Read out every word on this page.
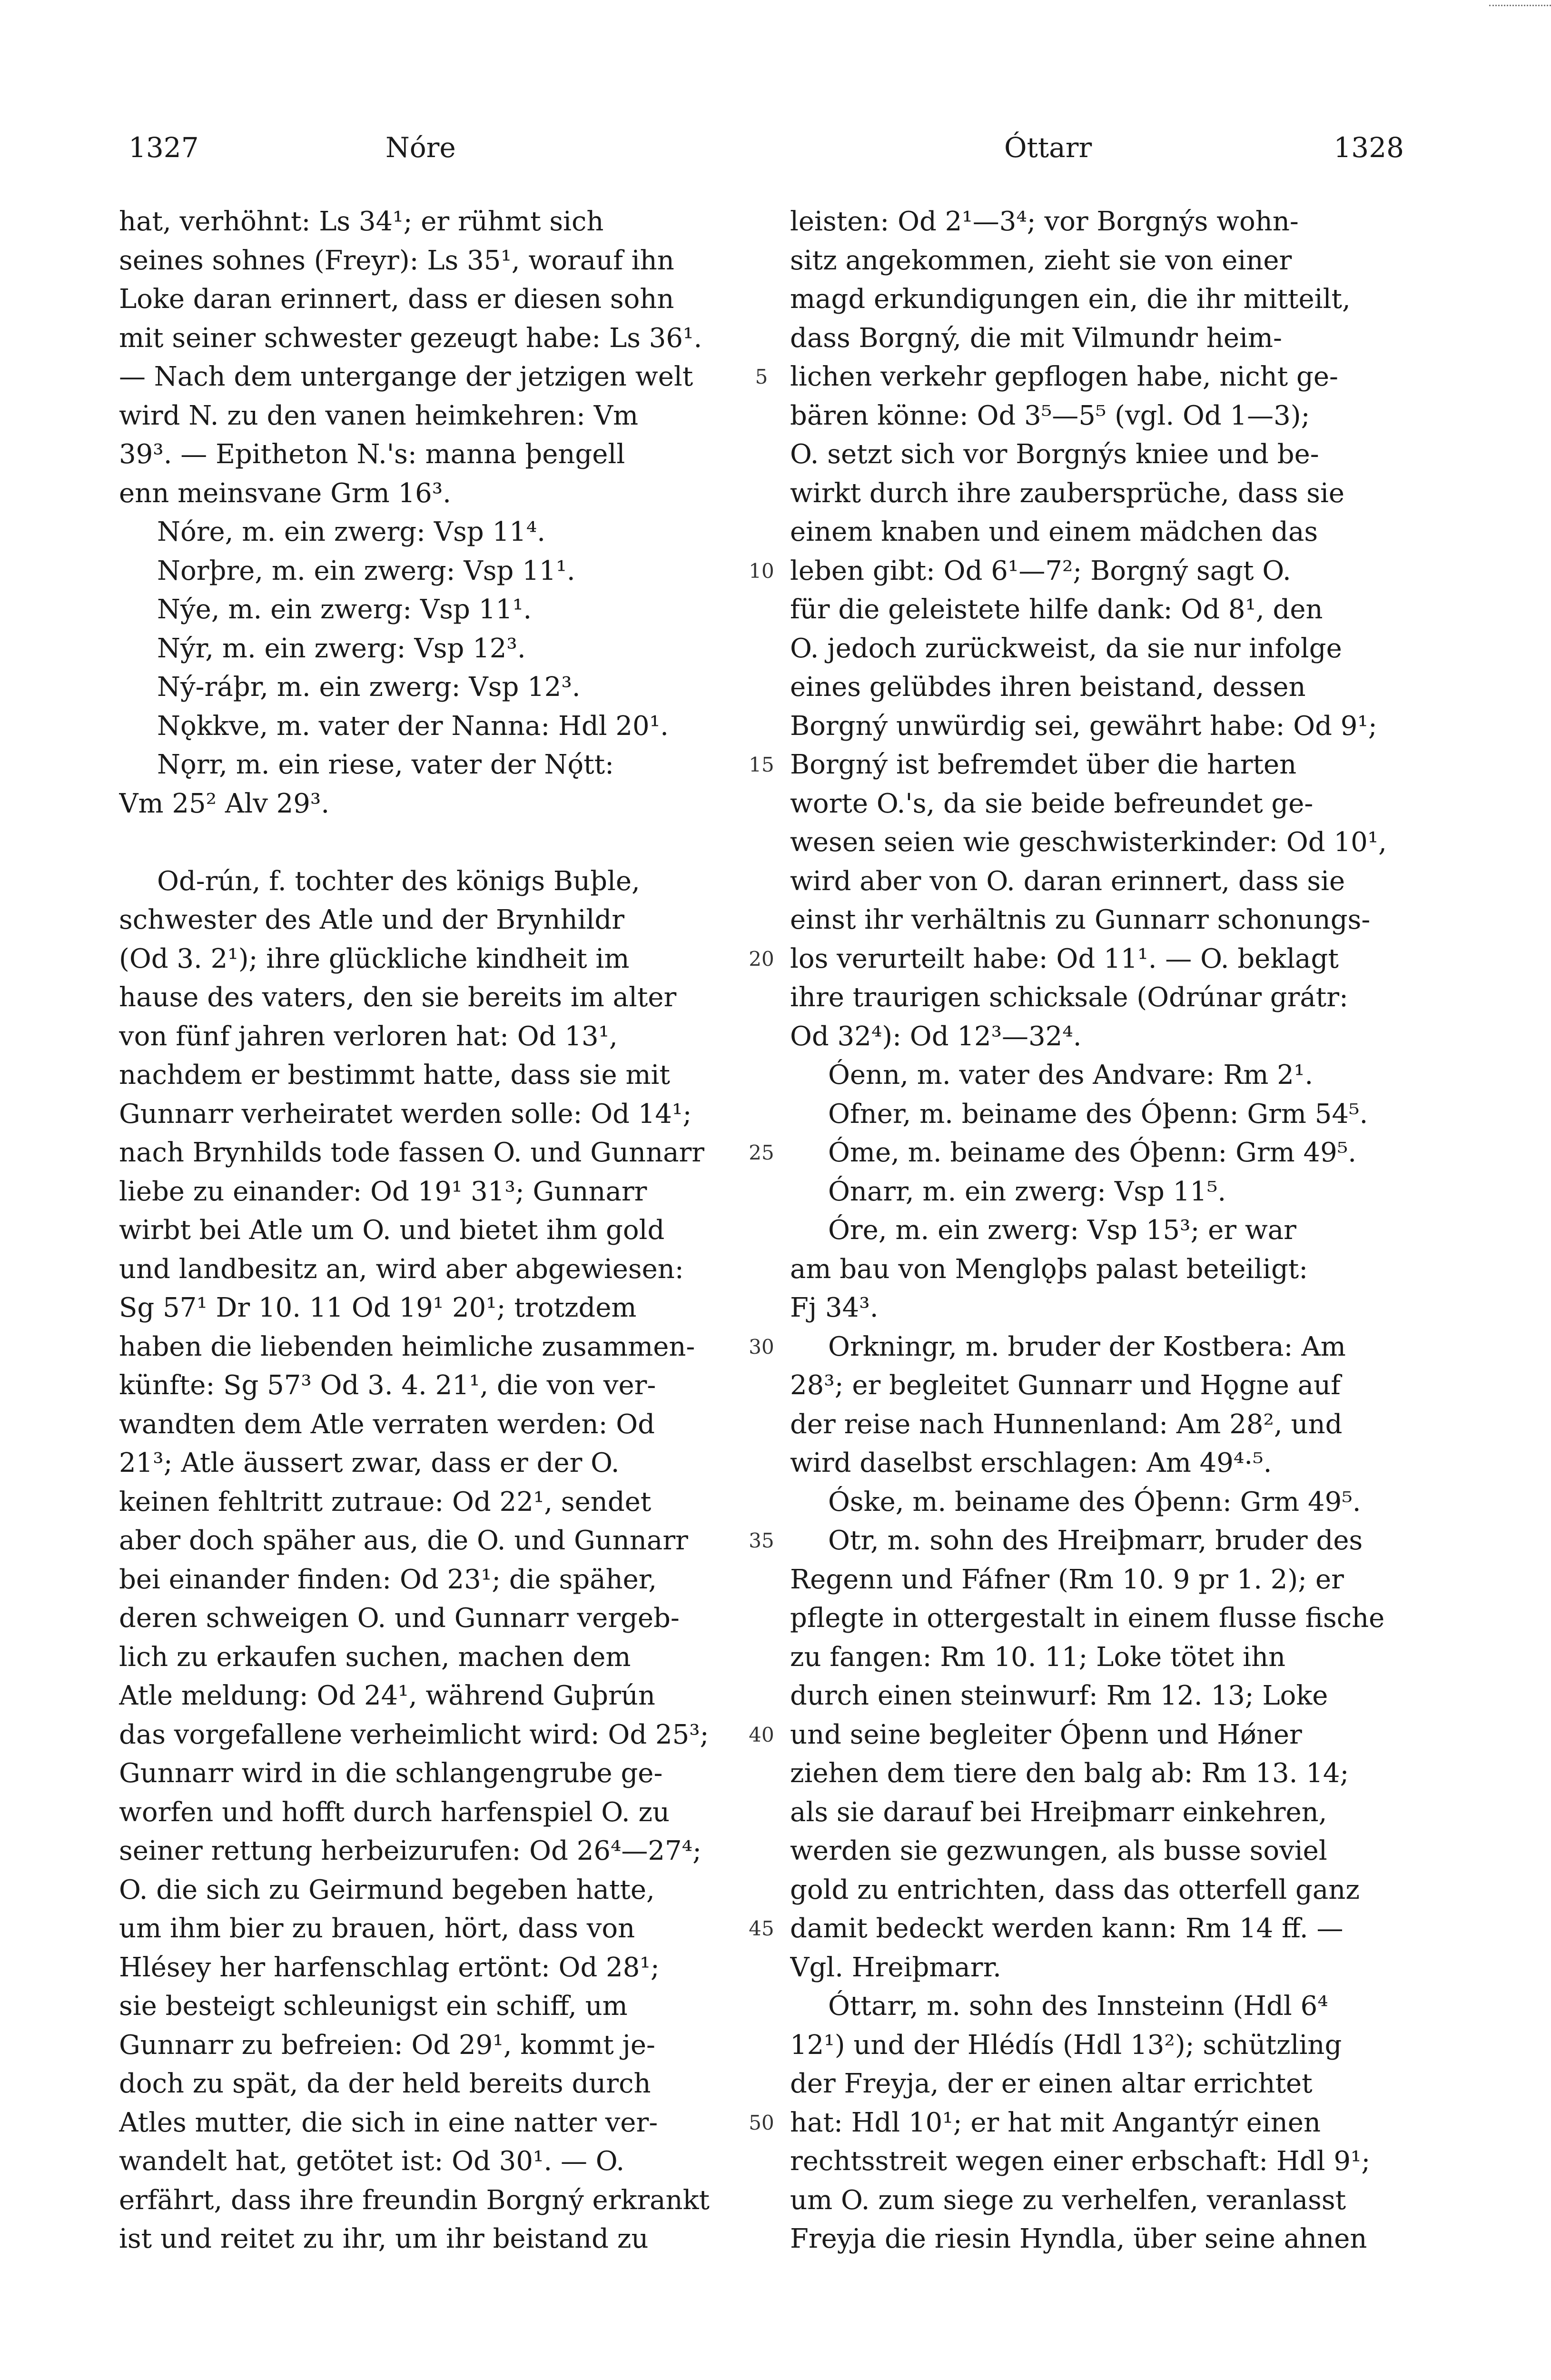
1327	Nóre	Óttarr	1328
hat, verhöhnt: Ls 34¹; er rühmt sich
seines sohnes (Freyr): Ls 35¹, worauf ihn
Loke daran erinnert, dass er diesen sohn
mit seiner schwester gezeugt habe: Ls 36¹.
— Nach dem untergange der jetzigen welt
wird N. zu den vanen heimkehren: Vm
39³. — Epitheton N.'s: manna þengell
enn meinsvane Grm 16³.
Nóre, m. ein zwerg: Vsp 11⁴.
Norþre, m. ein zwerg: Vsp 11¹.
Nýe, m. ein zwerg: Vsp 11¹.
Nýr, m. ein zwerg: Vsp 12³.
Ný-ráþr, m. ein zwerg: Vsp 12³.
Nǫkkve, m. vater der Nanna: Hdl 20¹.
Nǫrr, m. ein riese, vater der Nǫ́tt:
Vm 25² Alv 29³.
Od-rún, f. tochter des königs Buþle,
schwester des Atle und der Brynhildr
(Od 3. 2¹); ihre glückliche kindheit im
hause des vaters, den sie bereits im alter
von fünf jahren verloren hat: Od 13¹,
nachdem er bestimmt hatte, dass sie mit
Gunnarr verheiratet werden solle: Od 14¹;
nach Brynhilds tode fassen O. und Gunnarr
liebe zu einander: Od 19¹ 31³; Gunnarr
wirbt bei Atle um O. und bietet ihm gold
und landbesitz an, wird aber abgewiesen:
Sg 57¹ Dr 10. 11 Od 19¹ 20¹; trotzdem
haben die liebenden heimliche zusammen-
künfte: Sg 57³ Od 3. 4. 21¹, die von ver-
wandten dem Atle verraten werden: Od
21³; Atle äussert zwar, dass er der O.
keinen fehltritt zutraue: Od 22¹, sendet
aber doch späher aus, die O. und Gunnarr
bei einander finden: Od 23¹; die späher,
deren schweigen O. und Gunnarr vergeb-
lich zu erkaufen suchen, machen dem
Atle meldung: Od 24¹, während Guþrún
das vorgefallene verheimlicht wird: Od 25³;
Gunnarr wird in die schlangengrube ge-
worfen und hofft durch harfenspiel O. zu
seiner rettung herbeizurufen: Od 26⁴—27⁴;
O. die sich zu Geirmund begeben hatte,
um ihm bier zu brauen, hört, dass von
Hlésey her harfenschlag ertönt: Od 28¹;
sie besteigt schleunigst ein schiff, um
Gunnarr zu befreien: Od 29¹, kommt je-
doch zu spät, da der held bereits durch
Atles mutter, die sich in eine natter ver-
wandelt hat, getötet ist: Od 30¹. — O.
erfährt, dass ihre freundin Borgný erkrankt
ist und reitet zu ihr, um ihr beistand zu
5
10
15
20
25
30
35
40
45
50
leisten: Od 2¹—3⁴; vor Borgnýs wohn-
sitz angekommen, zieht sie von einer
magd erkundigungen ein, die ihr mitteilt,
dass Borgný, die mit Vilmundr heim-
lichen verkehr gepflogen habe, nicht ge-
bären könne: Od 3⁵—5⁵ (vgl. Od 1—3);
O. setzt sich vor Borgnýs kniee und be-
wirkt durch ihre zaubersprüche, dass sie
einem knaben und einem mädchen das
leben gibt: Od 6¹—7²; Borgný sagt O.
für die geleistete hilfe dank: Od 8¹, den
O. jedoch zurückweist, da sie nur infolge
eines gelübdes ihren beistand, dessen
Borgný unwürdig sei, gewährt habe: Od 9¹;
Borgný ist befremdet über die harten
worte O.'s, da sie beide befreundet ge-
wesen seien wie geschwisterkinder: Od 10¹,
wird aber von O. daran erinnert, dass sie
einst ihr verhältnis zu Gunnarr schonungs-
los verurteilt habe: Od 11¹. — O. beklagt
ihre traurigen schicksale (Odrúnar grátr:
Od 32⁴): Od 12³—32⁴.
Óenn, m. vater des Andvare: Rm 2¹.
Ofner, m. beiname des Óþenn: Grm 54⁵.
Óme, m. beiname des Óþenn: Grm 49⁵.
Ónarr, m. ein zwerg: Vsp 11⁵.
Óre, m. ein zwerg: Vsp 15³; er war
am bau von Menglǫþs palast beteiligt:
Fj 34³.
Orkningr, m. bruder der Kostbera: Am
28³; er begleitet Gunnarr und Hǫgne auf
der reise nach Hunnenland: Am 28², und
wird daselbst erschlagen: Am 49⁴·⁵.
Óske, m. beiname des Óþenn: Grm 49⁵.
Otr, m. sohn des Hreiþmarr, bruder des
Regenn und Fáfner (Rm 10. 9 pr 1. 2); er
pflegte in ottergestalt in einem flusse fische
zu fangen: Rm 10. 11; Loke tötet ihn
durch einen steinwurf: Rm 12. 13; Loke
und seine begleiter Óþenn und Hǿner
ziehen dem tiere den balg ab: Rm 13. 14;
als sie darauf bei Hreiþmarr einkehren,
werden sie gezwungen, als busse soviel
gold zu entrichten, dass das otterfell ganz
damit bedeckt werden kann: Rm 14 ff. —
Vgl. Hreiþmarr.
Óttarr, m. sohn des Innsteinn (Hdl 6⁴
12¹) und der Hlédís (Hdl 13²); schützling
der Freyja, der er einen altar errichtet
hat: Hdl 10¹; er hat mit Angantýr einen
rechtsstreit wegen einer erbschaft: Hdl 9¹;
um O. zum siege zu verhelfen, veranlasst
Freyja die riesin Hyndla, über seine ahnen
